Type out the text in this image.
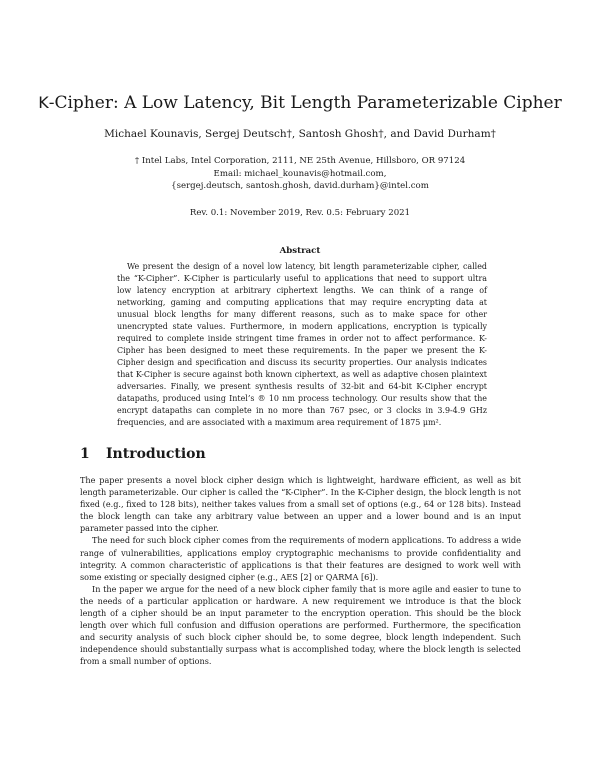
K-Cipher: A Low Latency, Bit Length Parameterizable Cipher
Michael Kounavis, Sergej Deutsch†, Santosh Ghosh†, and David Durham†
† Intel Labs, Intel Corporation, 2111, NE 25th Avenue, Hillsboro, OR 97124
Email: michael_kounavis@hotmail.com,
{sergej.deutsch, santosh.ghosh, david.durham}@intel.com
Rev. 0.1: November 2019, Rev. 0.5: February 2021
Abstract

We present the design of a novel low latency, bit length parameterizable cipher, called the “K-Cipher”. K-Cipher is particularly useful to applications that need to support ultra low latency encryption at arbitrary ciphertext lengths. We can think of a range of networking, gaming and computing applications that may require encrypting data at unusual block lengths for many different reasons, such as to make space for other unencrypted state values. Furthermore, in modern applications, encryption is typically required to complete inside stringent time frames in order not to affect performance. K-Cipher has been designed to meet these requirements. In the paper we present the K-Cipher design and specification and discuss its security properties. Our analysis indicates that K-Cipher is secure against both known ciphertext, as well as adaptive chosen plaintext adversaries. Finally, we present synthesis results of 32-bit and 64-bit K-Cipher encrypt datapaths, produced using Intel’s ® 10 nm process technology. Our results show that the encrypt datapaths can complete in no more than 767 psec, or 3 clocks in 3.9-4.9 GHz frequencies, and are associated with a maximum area requirement of 1875 μm².

1 Introduction

The paper presents a novel block cipher design which is lightweight, hardware efficient, as well as bit length parameterizable. Our cipher is called the “K-Cipher”. In the K-Cipher design, the block length is not fixed (e.g., fixed to 128 bits), neither takes values from a small set of options (e.g., 64 or 128 bits). Instead the block length can take any arbitrary value between an upper and a lower bound and is an input parameter passed into the cipher.

The need for such block cipher comes from the requirements of modern applications. To address a wide range of vulnerabilities, applications employ cryptographic mechanisms to provide confidentiality and integrity. A common characteristic of applications is that their features are designed to work well with some existing or specially designed cipher (e.g., AES [2] or QARMA [6]).

In the paper we argue for the need of a new block cipher family that is more agile and easier to tune to the needs of a particular application or hardware. A new requirement we introduce is that the block length of a cipher should be an input parameter to the encryption operation. This should be the block length over which full confusion and diffusion operations are performed. Furthermore, the specification and security analysis of such block cipher should be, to some degree, block length independent. Such independence should substantially surpass what is accomplished today, where the block length is selected from a small number of options.
